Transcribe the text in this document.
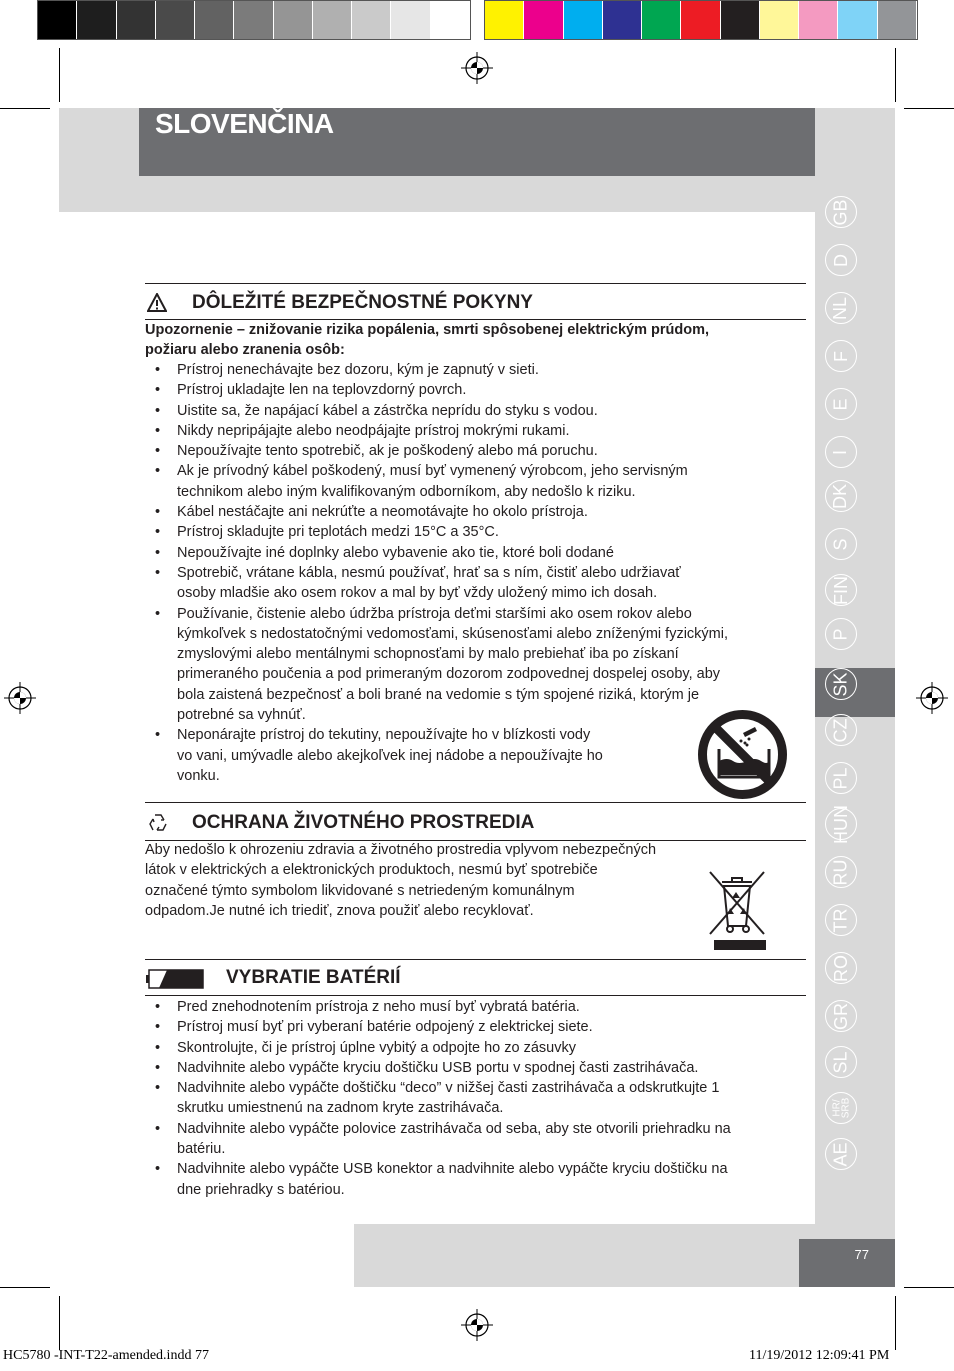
SLOVENČINA
GB
D
NL
F
E
I
DK
S
FIN
P
SK
CZ
PL
HUN
RU
TR
RO
GR
SL
HR/
SRB
AE
DÔLEŽITÉ BEZPEČNOSTNÉ POKYNY
Upozornenie – znižovanie rizika popálenia, smrti spôsobenej elektrickým prúdom,
požiaru alebo zranenia osôb:
• Prístroj nenechávajte bez dozoru, kým je zapnutý v sieti.
• Prístroj ukladajte len na teplovzdorný povrch.
• Uistite sa, že napájací kábel a zástrčka neprídu do styku s vodou.
• Nikdy nepripájajte alebo neodpájajte prístroj mokrými rukami.
• Nepoužívajte tento spotrebič, ak je poškodený alebo má poruchu.
• Ak je prívodný kábel poškodený, musí byť vymenený výrobcom, jeho servisným
technikom alebo iným kvalifikovaným odborníkom, aby nedošlo k riziku.
• Kábel nestáčajte ani nekrúťte a neomotávajte ho okolo prístroja.
• Prístroj skladujte pri teplotách medzi 15°C a 35°C.
• Nepoužívajte iné doplnky alebo vybavenie ako tie, ktoré boli dodané
• Spotrebič, vrátane kábla, nesmú používať, hrať sa s ním, čistiť alebo udržiavať
osoby mladšie ako osem rokov a mal by byť vždy uložený mimo ich dosah.
• Používanie, čistenie alebo údržba prístroja deťmi staršími ako osem rokov alebo
kýmkoľvek s nedostatočnými vedomosťami, skúsenosťami alebo zníženými fyzickými,
zmyslovými alebo mentálnymi schopnosťami by malo prebiehať iba po získaní
primeraného poučenia a pod primeraným dozorom zodpovednej dospelej osoby, aby
bola zaistená bezpečnosť a boli brané na vedomie s tým spojené riziká, ktorým je
potrebné sa vyhnúť.
• Neponárajte prístroj do tekutiny, nepoužívajte ho v blízkosti vody
vo vani, umývadle alebo akejkoľvek inej nádobe a nepoužívajte ho
vonku.
OCHRANA ŽIVOTNÉHO PROSTREDIA
Aby nedošlo k ohrozeniu zdravia a životného prostredia vplyvom nebezpečných
látok v elektrických a elektronických produktoch, nesmú byť spotrebiče
označené týmto symbolom likvidované s netriedeným komunálnym
odpadom.Je nutné ich triediť, znova použiť alebo recyklovať.
VYBRATIE BATÉRIÍ
• Pred znehodnotením prístroja z neho musí byť vybratá batéria.
• Prístroj musí byť pri vyberaní batérie odpojený z elektrickej siete.
• Skontrolujte, či je prístroj úplne vybitý a odpojte ho zo zásuvky
• Nadvihnite alebo vypáčte kryciu doštičku USB portu v spodnej časti zastrihávača.
• Nadvihnite alebo vypáčte doštičku “deco” v nižšej časti zastrihávača a odskrutkujte 1
skrutku umiestnenú na zadnom kryte zastrihávača.
• Nadvihnite alebo vypáčte polovice zastrihávača od seba, aby ste otvorili priehradku na
batériu.
• Nadvihnite alebo vypáčte USB konektor a nadvihnite alebo vypáčte kryciu doštičku na
dne priehradky s batériou.
77
HC5780 -INT-T22-amended.indd 77	11/19/2012 12:09:41 PM
